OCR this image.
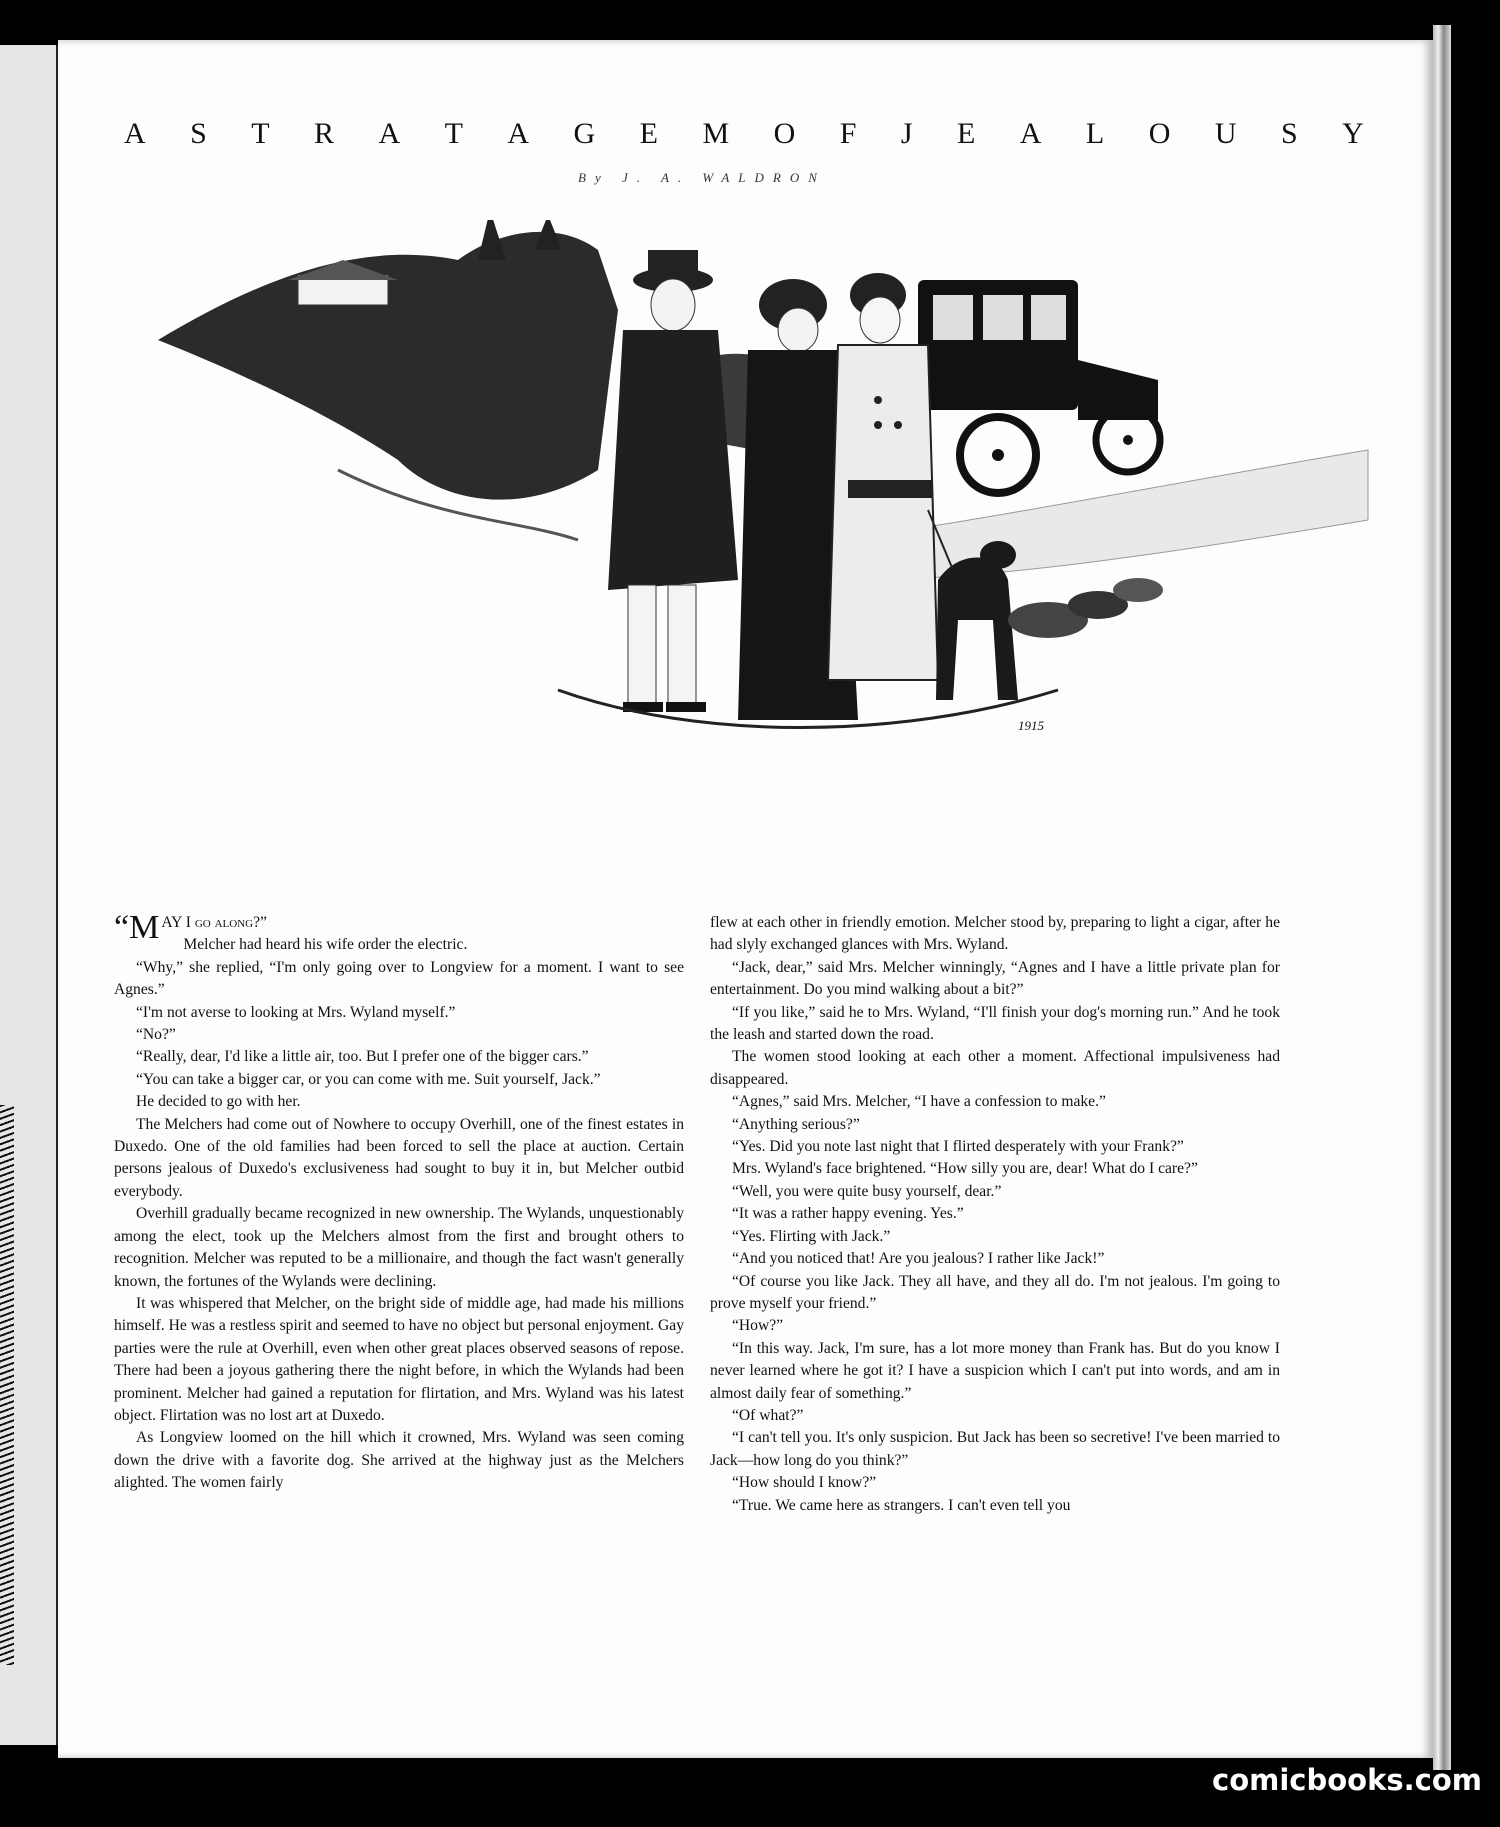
A S T R A T A G E M O F J E A L O U S Y
By J. A. WALDRON
1915

“MAY I go along?”

Melcher had heard his wife order the electric.

“Why,” she replied, “I'm only going over to Longview for a moment. I want to see Agnes.”

“I'm not averse to looking at Mrs. Wyland myself.”

“No?”

“Really, dear, I'd like a little air, too. But I prefer one of the bigger cars.”

“You can take a bigger car, or you can come with me. Suit yourself, Jack.”

He decided to go with her.

The Melchers had come out of Nowhere to occupy Overhill, one of the finest estates in Duxedo. One of the old families had been forced to sell the place at auction. Certain persons jealous of Duxedo's exclusiveness had sought to buy it in, but Melcher outbid everybody.

Overhill gradually became recognized in new ownership. The Wylands, unquestionably among the elect, took up the Melchers almost from the first and brought others to recognition. Melcher was reputed to be a millionaire, and though the fact wasn't generally known, the fortunes of the Wylands were declining.

It was whispered that Melcher, on the bright side of middle age, had made his millions himself. He was a restless spirit and seemed to have no object but personal enjoyment. Gay parties were the rule at Overhill, even when other great places observed seasons of repose. There had been a joyous gathering there the night before, in which the Wylands had been prominent. Melcher had gained a reputation for flirtation, and Mrs. Wyland was his latest object. Flirtation was no lost art at Duxedo.

As Longview loomed on the hill which it crowned, Mrs. Wyland was seen coming down the drive with a favorite dog. She arrived at the highway just as the Melchers alighted. The women fairly

flew at each other in friendly emotion. Melcher stood by, preparing to light a cigar, after he had slyly exchanged glances with Mrs. Wyland.

“Jack, dear,” said Mrs. Melcher winningly, “Agnes and I have a little private plan for entertainment. Do you mind walking about a bit?”

“If you like,” said he to Mrs. Wyland, “I'll finish your dog's morning run.” And he took the leash and started down the road.

The women stood looking at each other a moment. Affectional impulsiveness had disappeared.

“Agnes,” said Mrs. Melcher, “I have a confession to make.”

“Anything serious?”

“Yes. Did you note last night that I flirted desperately with your Frank?”

Mrs. Wyland's face brightened. “How silly you are, dear! What do I care?”

“Well, you were quite busy yourself, dear.”

“It was a rather happy evening. Yes.”

“Yes. Flirting with Jack.”

“And you noticed that! Are you jealous? I rather like Jack!”

“Of course you like Jack. They all have, and they all do. I'm not jealous. I'm going to prove myself your friend.”

“How?”

“In this way. Jack, I'm sure, has a lot more money than Frank has. But do you know I never learned where he got it? I have a suspicion which I can't put into words, and am in almost daily fear of something.”

“Of what?”

“I can't tell you. It's only suspicion. But Jack has been so secretive! I've been married to Jack—how long do you think?”

“How should I know?”

“True. We came here as strangers. I can't even tell you

comicbooks.com
